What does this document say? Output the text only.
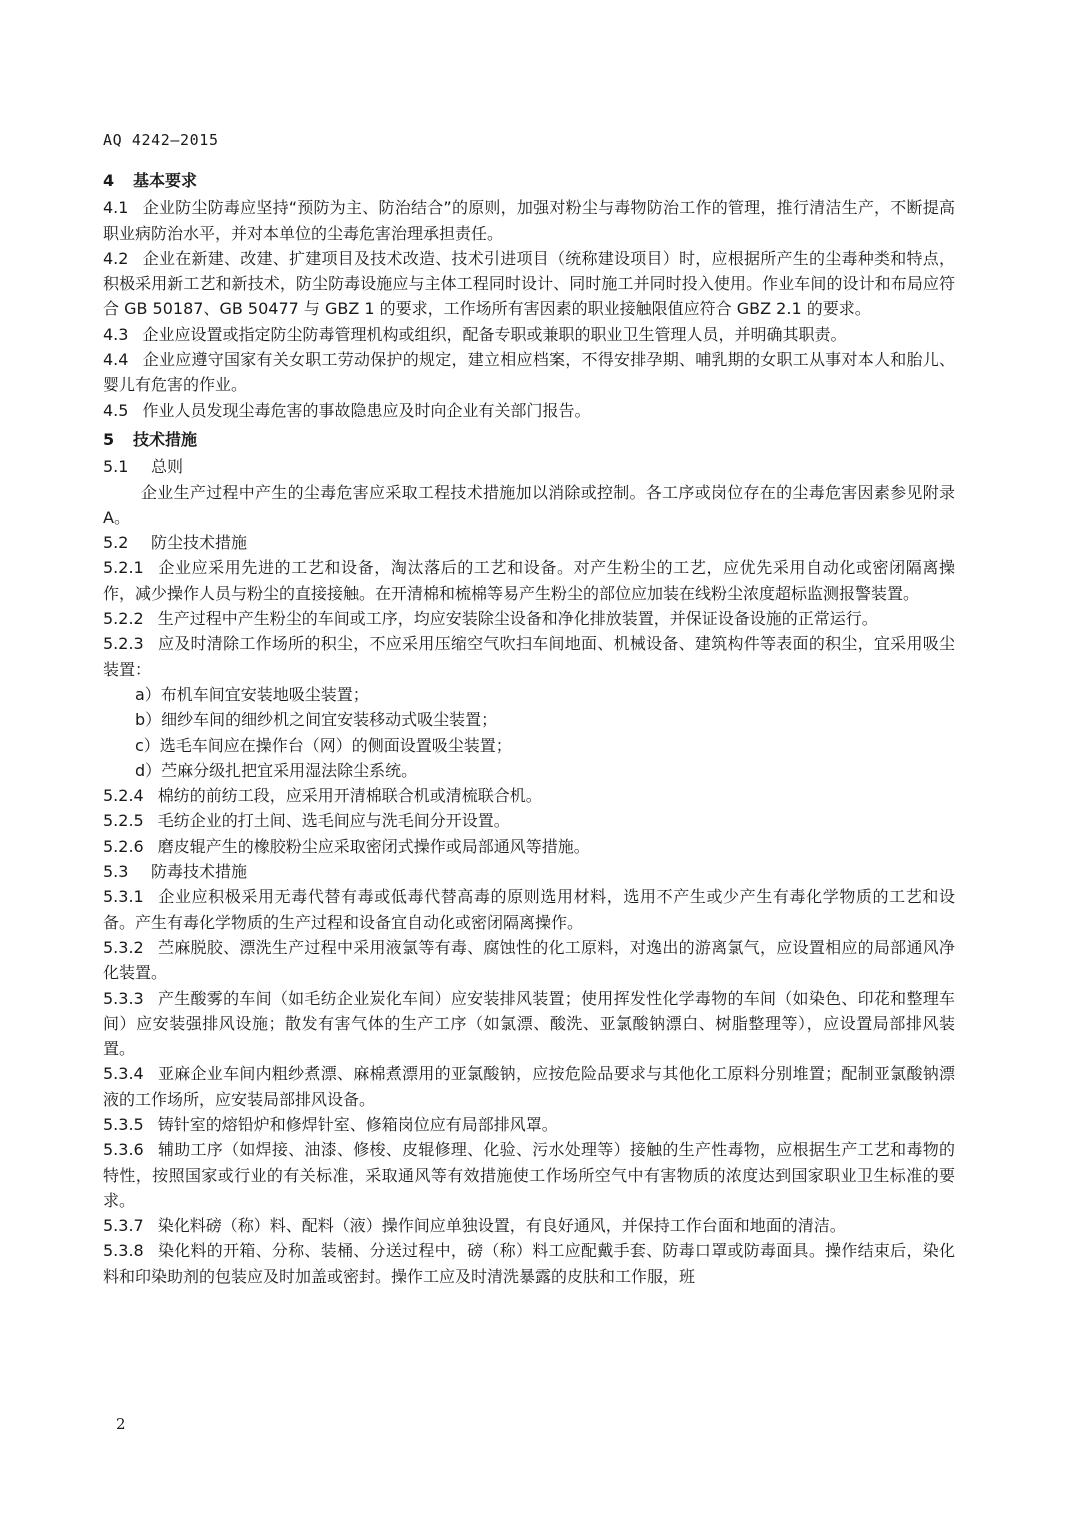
AQ 4242—2015
4 基本要求

4.1 企业防尘防毒应坚持“预防为主、防治结合”的原则，加强对粉尘与毒物防治工作的管理，推行清洁生产，不断提高职业病防治水平，并对本单位的尘毒危害治理承担责任。

4.2 企业在新建、改建、扩建项目及技术改造、技术引进项目（统称建设项目）时，应根据所产生的尘毒种类和特点，积极采用新工艺和新技术，防尘防毒设施应与主体工程同时设计、同时施工并同时投入使用。作业车间的设计和布局应符合 GB 50187、GB 50477 与 GBZ 1 的要求，工作场所有害因素的职业接触限值应符合 GBZ 2.1 的要求。

4.3 企业应设置或指定防尘防毒管理机构或组织，配备专职或兼职的职业卫生管理人员，并明确其职责。

4.4 企业应遵守国家有关女职工劳动保护的规定，建立相应档案，不得安排孕期、哺乳期的女职工从事对本人和胎儿、婴儿有危害的作业。

4.5 作业人员发现尘毒危害的事故隐患应及时向企业有关部门报告。

5 技术措施
5.1 总则

企业生产过程中产生的尘毒危害应采取工程技术措施加以消除或控制。各工序或岗位存在的尘毒危害因素参见附录A。

5.2 防尘技术措施

5.2.1 企业应采用先进的工艺和设备，淘汰落后的工艺和设备。对产生粉尘的工艺，应优先采用自动化或密闭隔离操作，减少操作人员与粉尘的直接接触。在开清棉和梳棉等易产生粉尘的部位应加装在线粉尘浓度超标监测报警装置。

5.2.2 生产过程中产生粉尘的车间或工序，均应安装除尘设备和净化排放装置，并保证设备设施的正常运行。

5.2.3 应及时清除工作场所的积尘，不应采用压缩空气吹扫车间地面、机械设备、建筑构件等表面的积尘，宜采用吸尘装置：

a）布机车间宜安装地吸尘装置；

b）细纱车间的细纱机之间宜安装移动式吸尘装置；

c）选毛车间应在操作台（网）的侧面设置吸尘装置；

d）苎麻分级扎把宜采用湿法除尘系统。

5.2.4 棉纺的前纺工段，应采用开清棉联合机或清梳联合机。

5.2.5 毛纺企业的打土间、选毛间应与洗毛间分开设置。

5.2.6 磨皮辊产生的橡胶粉尘应采取密闭式操作或局部通风等措施。

5.3 防毒技术措施

5.3.1 企业应积极采用无毒代替有毒或低毒代替高毒的原则选用材料，选用不产生或少产生有毒化学物质的工艺和设备。产生有毒化学物质的生产过程和设备宜自动化或密闭隔离操作。

5.3.2 苎麻脱胶、漂洗生产过程中采用液氯等有毒、腐蚀性的化工原料，对逸出的游离氯气，应设置相应的局部通风净化装置。

5.3.3 产生酸雾的车间（如毛纺企业炭化车间）应安装排风装置；使用挥发性化学毒物的车间（如染色、印花和整理车间）应安装强排风设施；散发有害气体的生产工序（如氯漂、酸洗、亚氯酸钠漂白、树脂整理等），应设置局部排风装置。

5.3.4 亚麻企业车间内粗纱煮漂、麻棉煮漂用的亚氯酸钠，应按危险品要求与其他化工原料分别堆置；配制亚氯酸钠漂液的工作场所，应安装局部排风设备。

5.3.5 铸针室的熔铅炉和修焊针室、修箱岗位应有局部排风罩。

5.3.6 辅助工序（如焊接、油漆、修梭、皮辊修理、化验、污水处理等）接触的生产性毒物，应根据生产工艺和毒物的特性，按照国家或行业的有关标准，采取通风等有效措施使工作场所空气中有害物质的浓度达到国家职业卫生标准的要求。

5.3.7 染化料磅（称）料、配料（液）操作间应单独设置，有良好通风，并保持工作台面和地面的清洁。

5.3.8 染化料的开箱、分称、装桶、分送过程中，磅（称）料工应配戴手套、防毒口罩或防毒面具。操作结束后，染化料和印染助剂的包装应及时加盖或密封。操作工应及时清洗暴露的皮肤和工作服，班

2
